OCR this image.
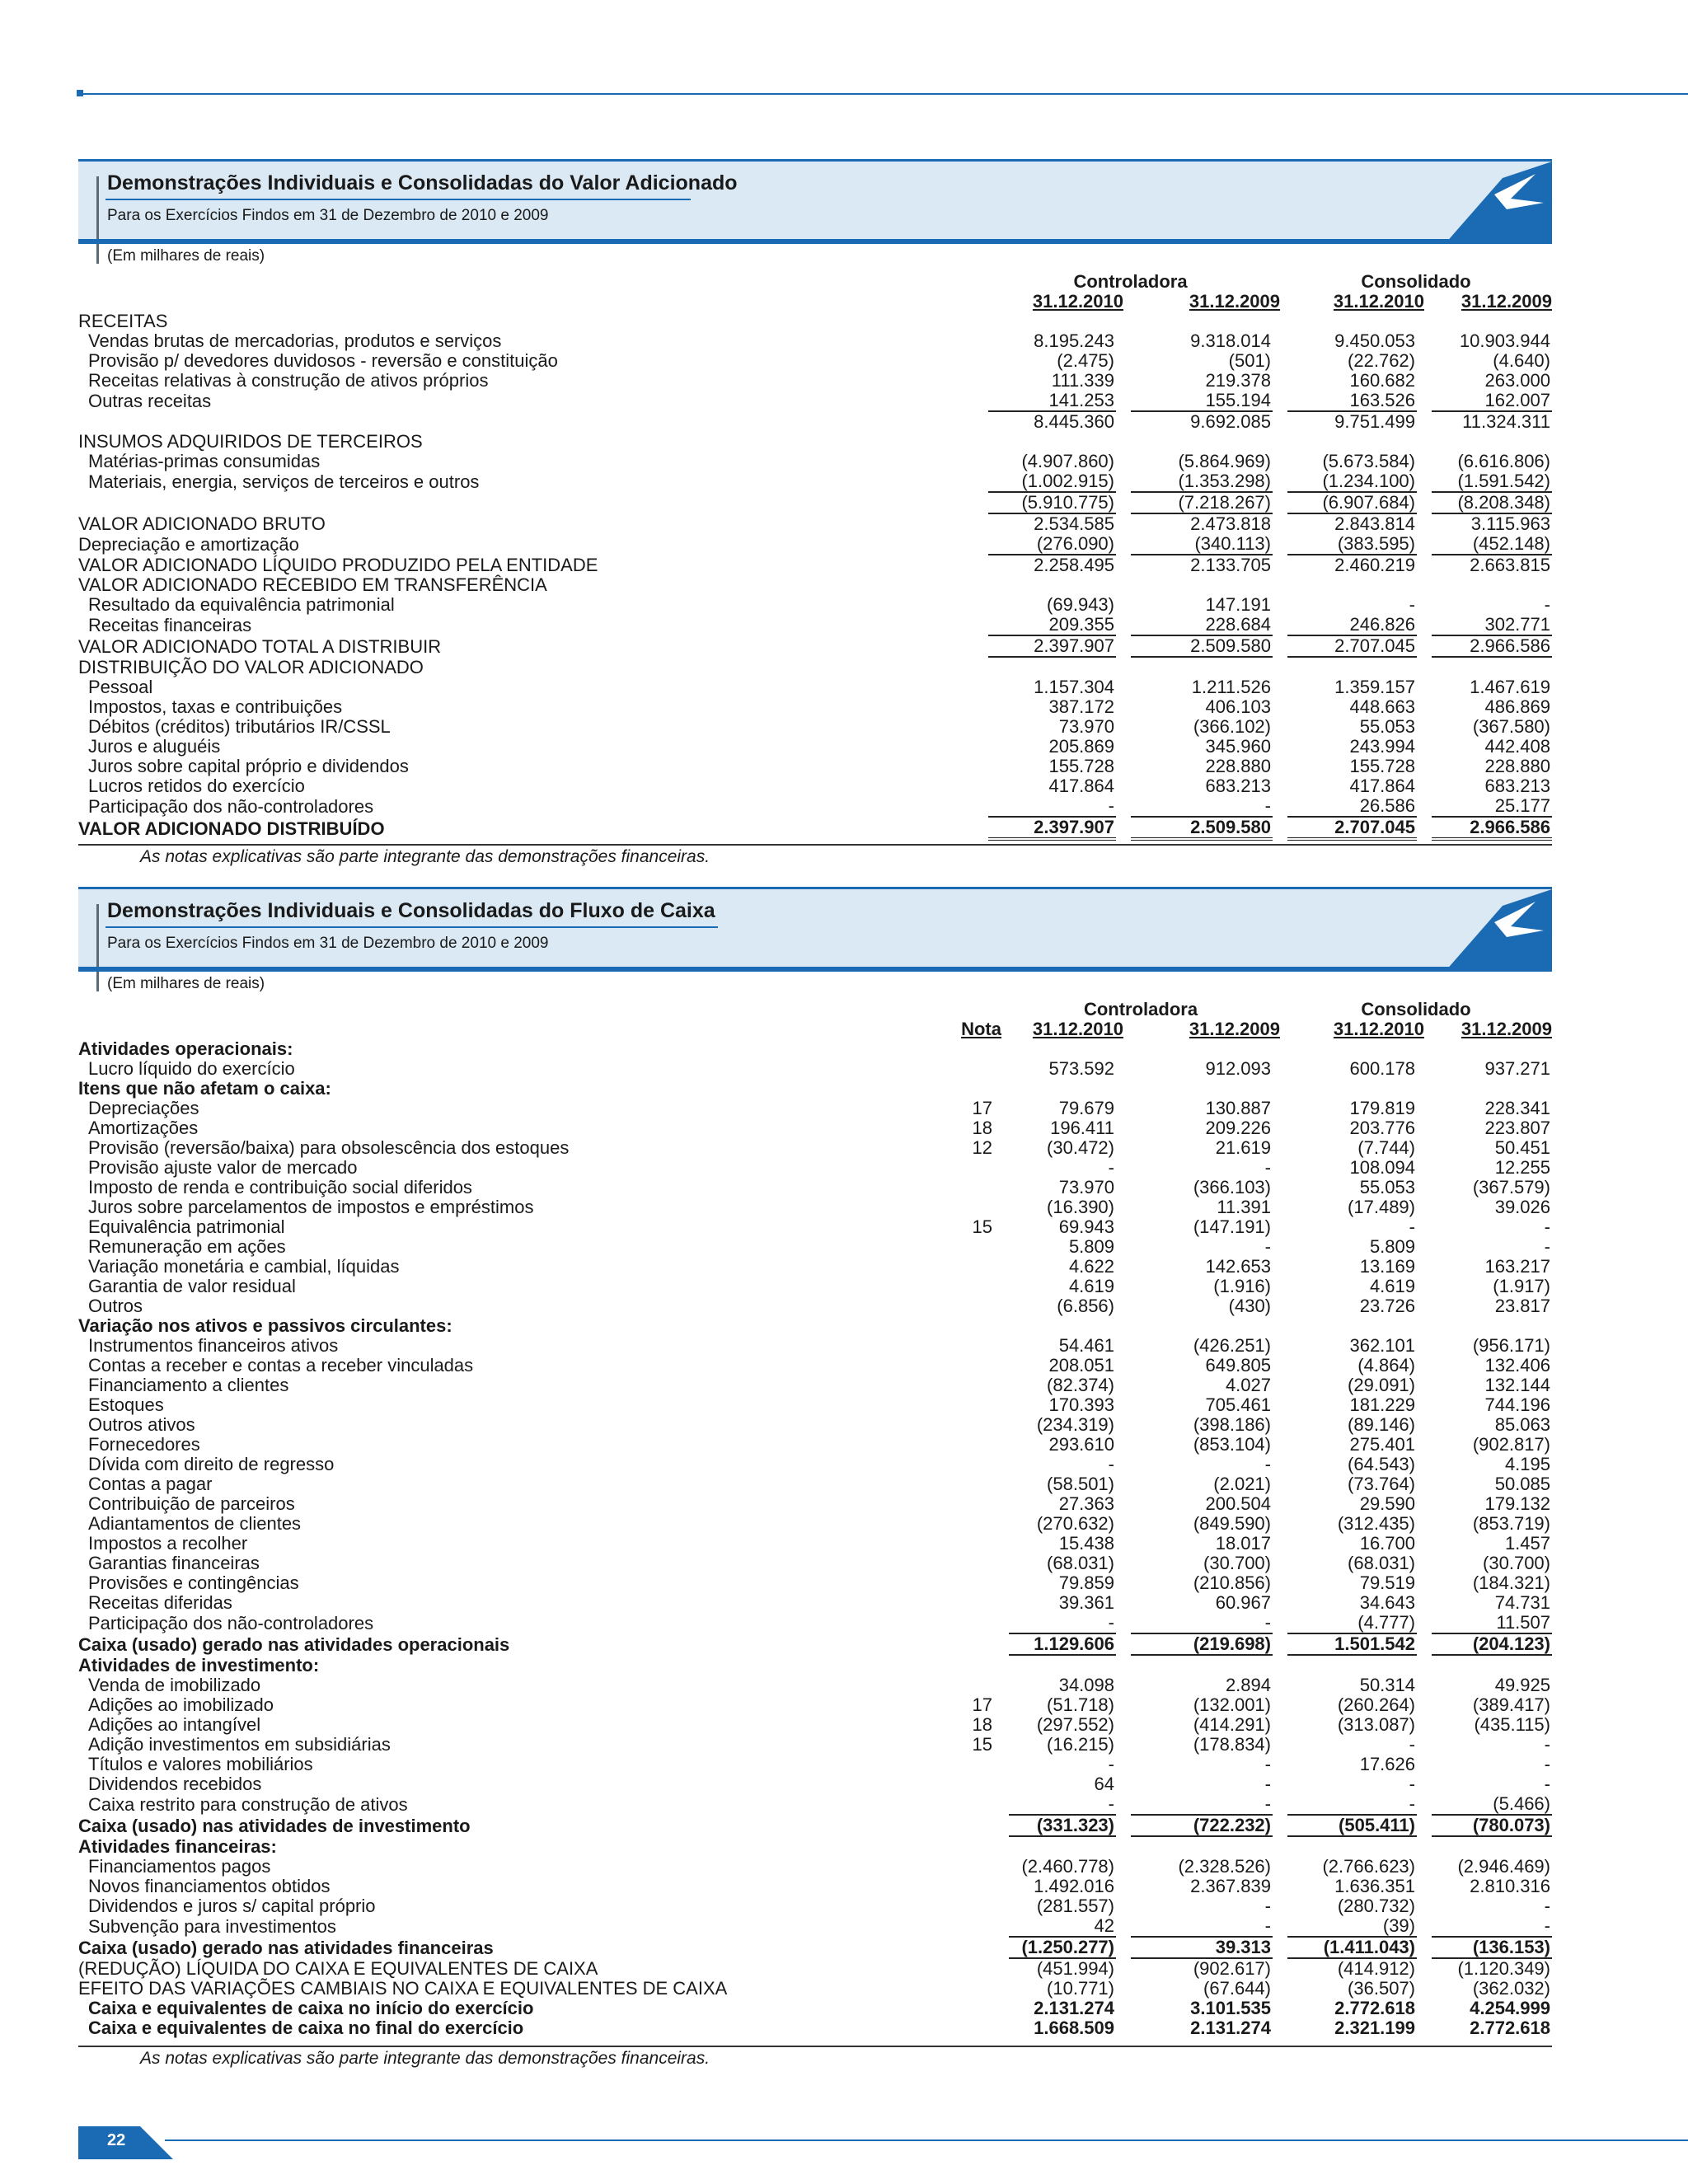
Demonstrações Individuais e Consolidadas do Valor Adicionado
Para os Exercícios Findos em 31 de Dezembro de 2010 e 2009
(Em milhares de reais)
		Controladora		Consolidado	
		31.12.2010	31.12.2009	31.12.2010	31.12.2009
RECEITAS					
Vendas brutas de mercadorias, produtos e serviços		8.195.243	9.318.014	9.450.053	10.903.944
Provisão p/ devedores duvidosos - reversão e constituição		(2.475)	(501)	(22.762)	(4.640)
Receitas relativas à construção de ativos próprios		111.339	219.378	160.682	263.000
Outras receitas		141.253	155.194	163.526	162.007
		8.445.360	9.692.085	9.751.499	11.324.311
INSUMOS ADQUIRIDOS DE TERCEIROS					
Matérias-primas consumidas		(4.907.860)	(5.864.969)	(5.673.584)	(6.616.806)
Materiais, energia, serviços de terceiros e outros		(1.002.915)	(1.353.298)	(1.234.100)	(1.591.542)
		(5.910.775)	(7.218.267)	(6.907.684)	(8.208.348)
VALOR ADICIONADO BRUTO		2.534.585	2.473.818	2.843.814	3.115.963
Depreciação e amortização		(276.090)	(340.113)	(383.595)	(452.148)
VALOR ADICIONADO LÍQUIDO PRODUZIDO PELA ENTIDADE		2.258.495	2.133.705	2.460.219	2.663.815
VALOR ADICIONADO RECEBIDO EM TRANSFERÊNCIA					
Resultado da equivalência patrimonial		(69.943)	147.191	-	-
Receitas financeiras		209.355	228.684	246.826	302.771
VALOR ADICIONADO TOTAL A DISTRIBUIR		2.397.907	2.509.580	2.707.045	2.966.586
DISTRIBUIÇÃO DO VALOR ADICIONADO					
Pessoal		1.157.304	1.211.526	1.359.157	1.467.619
Impostos, taxas e contribuições		387.172	406.103	448.663	486.869
Débitos (créditos) tributários IR/CSSL		73.970	(366.102)	55.053	(367.580)
Juros e aluguéis		205.869	345.960	243.994	442.408
Juros sobre capital próprio e dividendos		155.728	228.880	155.728	228.880
Lucros retidos do exercício		417.864	683.213	417.864	683.213
Participação dos não-controladores		-	-	26.586	25.177
VALOR ADICIONADO DISTRIBUÍDO		2.397.907	2.509.580	2.707.045	2.966.586
As notas explicativas são parte integrante das demonstrações financeiras.
Demonstrações Individuais e Consolidadas do Fluxo de Caixa
Para os Exercícios Findos em 31 de Dezembro de 2010 e 2009
(Em milhares de reais)
		Controladora		Consolidado	
	Nota	31.12.2010	31.12.2009	31.12.2010	31.12.2009
Atividades operacionais:					
Lucro líquido do exercício		573.592	912.093	600.178	937.271
Itens que não afetam o caixa:					
Depreciações	17	79.679	130.887	179.819	228.341
Amortizações	18	196.411	209.226	203.776	223.807
Provisão (reversão/baixa) para obsolescência dos estoques	12	(30.472)	21.619	(7.744)	50.451
Provisão ajuste valor de mercado		-	-	108.094	12.255
Imposto de renda e contribuição social diferidos		73.970	(366.103)	55.053	(367.579)
Juros sobre parcelamentos de impostos e empréstimos		(16.390)	11.391	(17.489)	39.026
Equivalência patrimonial	15	69.943	(147.191)	-	-
Remuneração em ações		5.809	-	5.809	-
Variação monetária e cambial, líquidas		4.622	142.653	13.169	163.217
Garantia de valor residual		4.619	(1.916)	4.619	(1.917)
Outros		(6.856)	(430)	23.726	23.817
Variação nos ativos e passivos circulantes:					
Instrumentos financeiros ativos		54.461	(426.251)	362.101	(956.171)
Contas a receber e contas a receber vinculadas		208.051	649.805	(4.864)	132.406
Financiamento a clientes		(82.374)	4.027	(29.091)	132.144
Estoques		170.393	705.461	181.229	744.196
Outros ativos		(234.319)	(398.186)	(89.146)	85.063
Fornecedores		293.610	(853.104)	275.401	(902.817)
Dívida com direito de regresso		-	-	(64.543)	4.195
Contas a pagar		(58.501)	(2.021)	(73.764)	50.085
Contribuição de parceiros		27.363	200.504	29.590	179.132
Adiantamentos de clientes		(270.632)	(849.590)	(312.435)	(853.719)
Impostos a recolher		15.438	18.017	16.700	1.457
Garantias financeiras		(68.031)	(30.700)	(68.031)	(30.700)
Provisões e contingências		79.859	(210.856)	79.519	(184.321)
Receitas diferidas		39.361	60.967	34.643	74.731
Participação dos não-controladores		-	-	(4.777)	11.507
Caixa (usado) gerado nas atividades operacionais		1.129.606	(219.698)	1.501.542	(204.123)
Atividades de investimento:					
Venda de imobilizado		34.098	2.894	50.314	49.925
Adições ao imobilizado	17	(51.718)	(132.001)	(260.264)	(389.417)
Adições ao intangível	18	(297.552)	(414.291)	(313.087)	(435.115)
Adição investimentos em subsidiárias	15	(16.215)	(178.834)	-	-
Títulos e valores mobiliários		-	-	17.626	-
Dividendos recebidos		64	-	-	-
Caixa restrito para construção de ativos		-	-	-	(5.466)
Caixa (usado) nas atividades de investimento		(331.323)	(722.232)	(505.411)	(780.073)
Atividades financeiras:					
Financiamentos pagos		(2.460.778)	(2.328.526)	(2.766.623)	(2.946.469)
Novos financiamentos obtidos		1.492.016	2.367.839	1.636.351	2.810.316
Dividendos e juros s/ capital próprio		(281.557)	-	(280.732)	-
Subvenção para investimentos		42	-	(39)	-
Caixa (usado) gerado nas atividades financeiras		(1.250.277)	39.313	(1.411.043)	(136.153)
(REDUÇÃO) LÍQUIDA DO CAIXA E EQUIVALENTES DE CAIXA		(451.994)	(902.617)	(414.912)	(1.120.349)
EFEITO DAS VARIAÇÕES CAMBIAIS NO CAIXA E EQUIVALENTES DE CAIXA		(10.771)	(67.644)	(36.507)	(362.032)
Caixa e equivalentes de caixa no início do exercício		2.131.274	3.101.535	2.772.618	4.254.999
Caixa e equivalentes de caixa no final do exercício		1.668.509	2.131.274	2.321.199	2.772.618
As notas explicativas são parte integrante das demonstrações financeiras.
22
